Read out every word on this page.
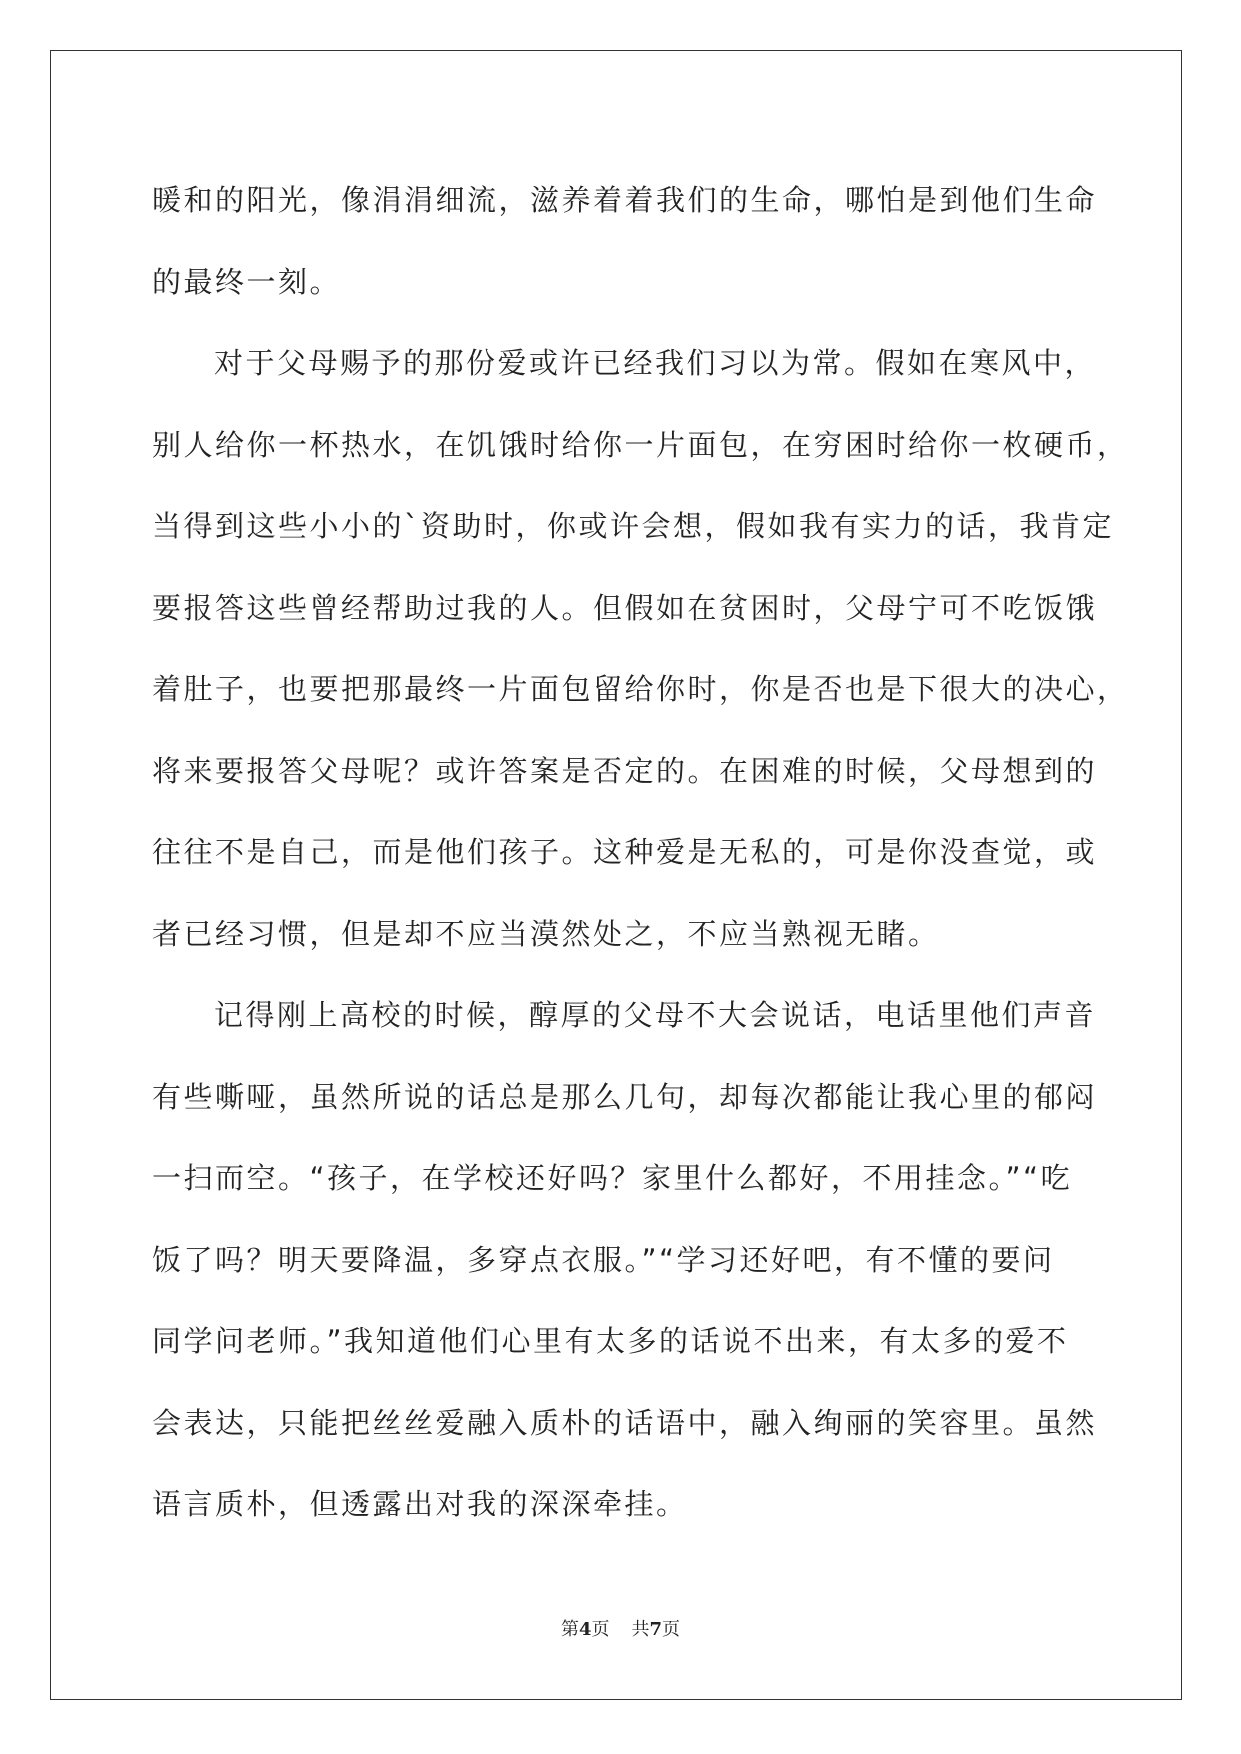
暖和的阳光，像涓涓细流，滋养着着我们的生命，哪怕是到他们生命
的最终一刻。
对于父母赐予的那份爱或许已经我们习以为常。假如在寒风中，
别人给你一杯热水，在饥饿时给你一片面包，在穷困时给你一枚硬币，
当得到这些小小的`资助时，你或许会想，假如我有实力的话，我肯定
要报答这些曾经帮助过我的人。但假如在贫困时，父母宁可不吃饭饿
着肚子，也要把那最终一片面包留给你时，你是否也是下很大的决心，
将来要报答父母呢？或许答案是否定的。在困难的时候，父母想到的
往往不是自己，而是他们孩子。这种爱是无私的，可是你没查觉，或
者已经习惯，但是却不应当漠然处之，不应当熟视无睹。
记得刚上高校的时候，醇厚的父母不大会说话，电话里他们声音
有些嘶哑，虽然所说的话总是那么几句，却每次都能让我心里的郁闷
一扫而空。“孩子，在学校还好吗？家里什么都好，不用挂念。”“吃
饭了吗？明天要降温，多穿点衣服。”“学习还好吧，有不懂的要问
同学问老师。”我知道他们心里有太多的话说不出来，有太多的爱不
会表达，只能把丝丝爱融入质朴的话语中，融入绚丽的笑容里。虽然
语言质朴，但透露出对我的深深牵挂。
第4页 共7页
